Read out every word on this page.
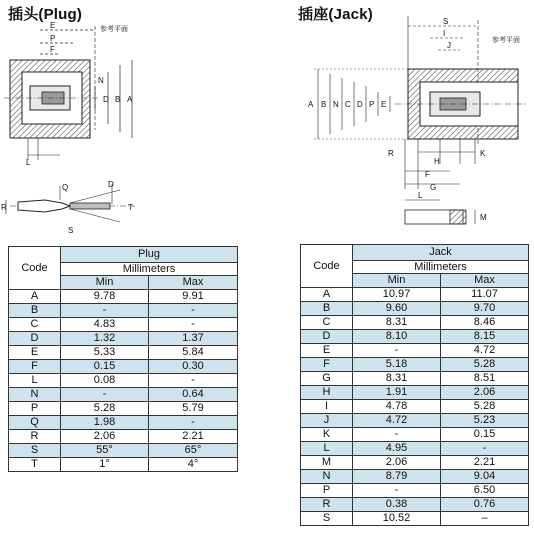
插头(Plug)
E
P
F
参考平面
N
D B A
L
Q	D
R
S
T
Code	Plug	
	Millimeters	
	Min	Max
A	9.78	9.91
B	-	-
C	4.83	-
D	1.32	1.37
E	5.33	5.84
F	0.15	0.30
L	0.08	-
N	-	0.64
P	5.28	5.79
Q	1.98	-
R	2.06	2.21
S	55°	65°
T	1°	4°
插座(Jack)	S
I
J
参考平面
A B N C D P E
R
H
K
F
G
L
M
Code	Jack	
	Millimeters	
	Min	Max
A	10.97	11.07
B	9.60	9.70
C	8.31	8.46
D	8.10	8.15
E	-	4.72
F	5.18	5.28
G	8.31	8.51
H	1.91	2.06
I	4.78	5.28
J	4.72	5.23
K	-	0.15
L	4.95	-
M	2.06	2.21
N	8.79	9.04
P	-	6.50
R	0.38	0.76
S	10.52	–
